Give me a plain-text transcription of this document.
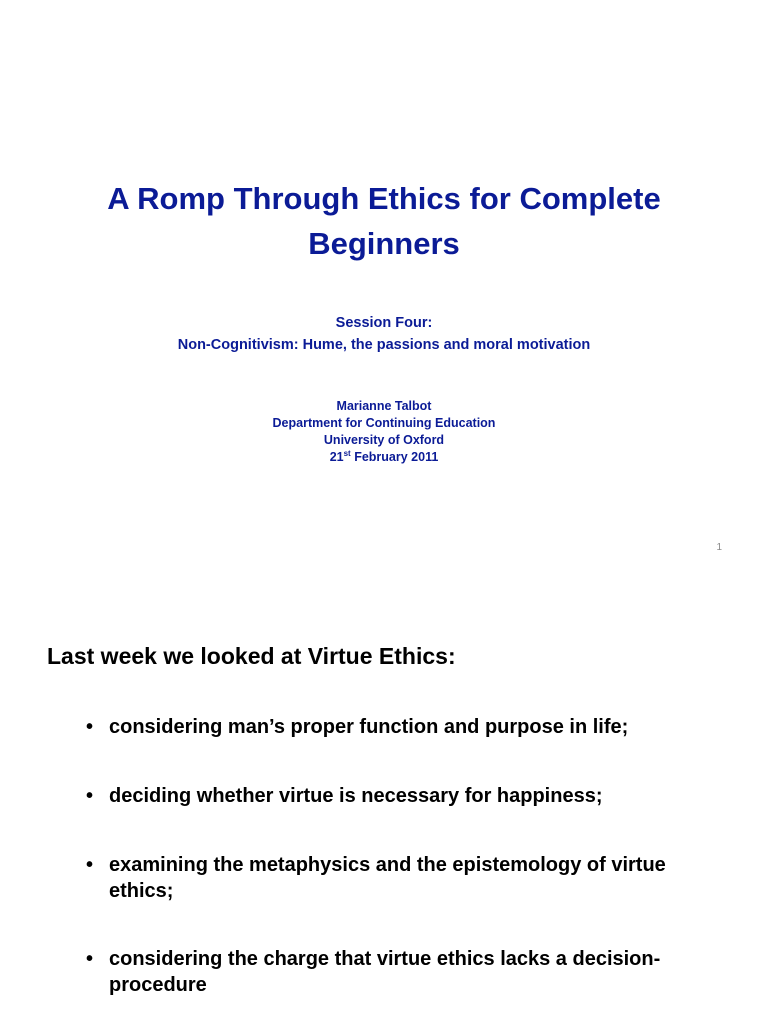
A Romp Through Ethics for Complete
Beginners
Session Four:
Non-Cognitivism: Hume, the passions and moral motivation
Marianne Talbot
Department for Continuing Education
University of Oxford
21st February 2011
1
Last week we looked at Virtue Ethics:
• considering man’s proper function and purpose in life;
• deciding whether virtue is necessary for happiness;
• examining the metaphysics and the epistemology of virtue ethics;
• considering the charge that virtue ethics lacks a decision-procedure
